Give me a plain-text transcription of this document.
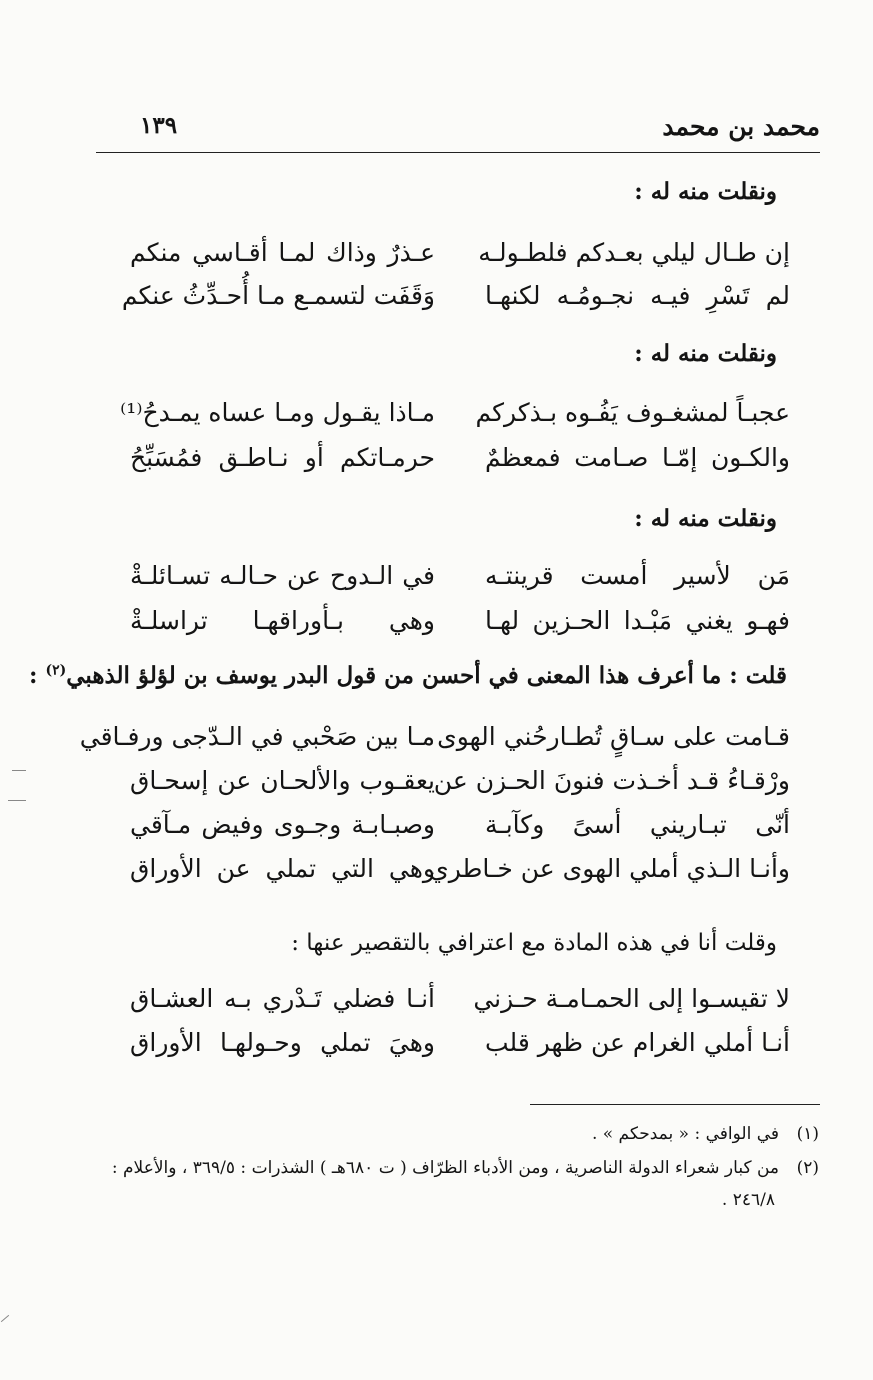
محمد بن محمد
١٣٩
ونقلت منه له :
إن طـال ليلي بعـدكم فلطـولـه
عـذرٌ وذاك لمـا أقـاسي منكم
لم تَسْرِ فيـه نجـومُـه لكنهـا
وَقَفَت لتسمـع مـا أُحـدِّثُ عنكم
ونقلت منه له :
عجبـاً لمشغـوف يَفُـوه بـذكركم
مـاذا يقـول ومـا عساه يمـدحُ⁽¹⁾
والكـون إمّـا صـامت فمعظمٌ
حرمـاتكم أو نـاطـق فمُسَبِّحُ
ونقلت منه له :
مَن لأسير أمست قرينتـه
في الـدوح عن حـالـه تسـائلـةْ
فهـو يغني مَبْـدا الحـزين لهـا
وهي بـأوراقهـا تراسلـةْ
قلت : ما أعرف هذا المعنى في أحسن من قول البدر يوسف بن لؤلؤ الذهبي$^{(٢)}$ :
قـامت على سـاقٍ تُطـارحُني الهوى
مـا بين صَحْبي في الـدّجى ورفـاقي
ورْقـاءُ قـد أخـذت فنونَ الحـزن عن
يعقـوب والألحـان عن إسحـاق
أنّى تبـاريني أسىً وكآبـة
وصبـابـة وجـوى وفيض مـآقي
وأنـا الـذي أملي الهوى عن خـاطري
وهي التي تملي عن الأوراق
وقلت أنا في هذه المادة مع اعترافي بالتقصير عنها :
لا تقيسـوا إلى الحمـامـة حـزني
أنـا فضلي تَـدْري بـه العشـاق
أنـا أملي الغرام عن ظهر قلب
وهيَ تملي وحـولهـا الأوراق
(١)في الوافي : « بمدحكم » .
(٢)من كبار شعراء الدولة الناصرية ، ومن الأدباء الظرّاف ( ت ٦٨٠هـ ) الشذرات : ٣٦٩/٥ ، والأعلام :
٢٤٦/٨ .
